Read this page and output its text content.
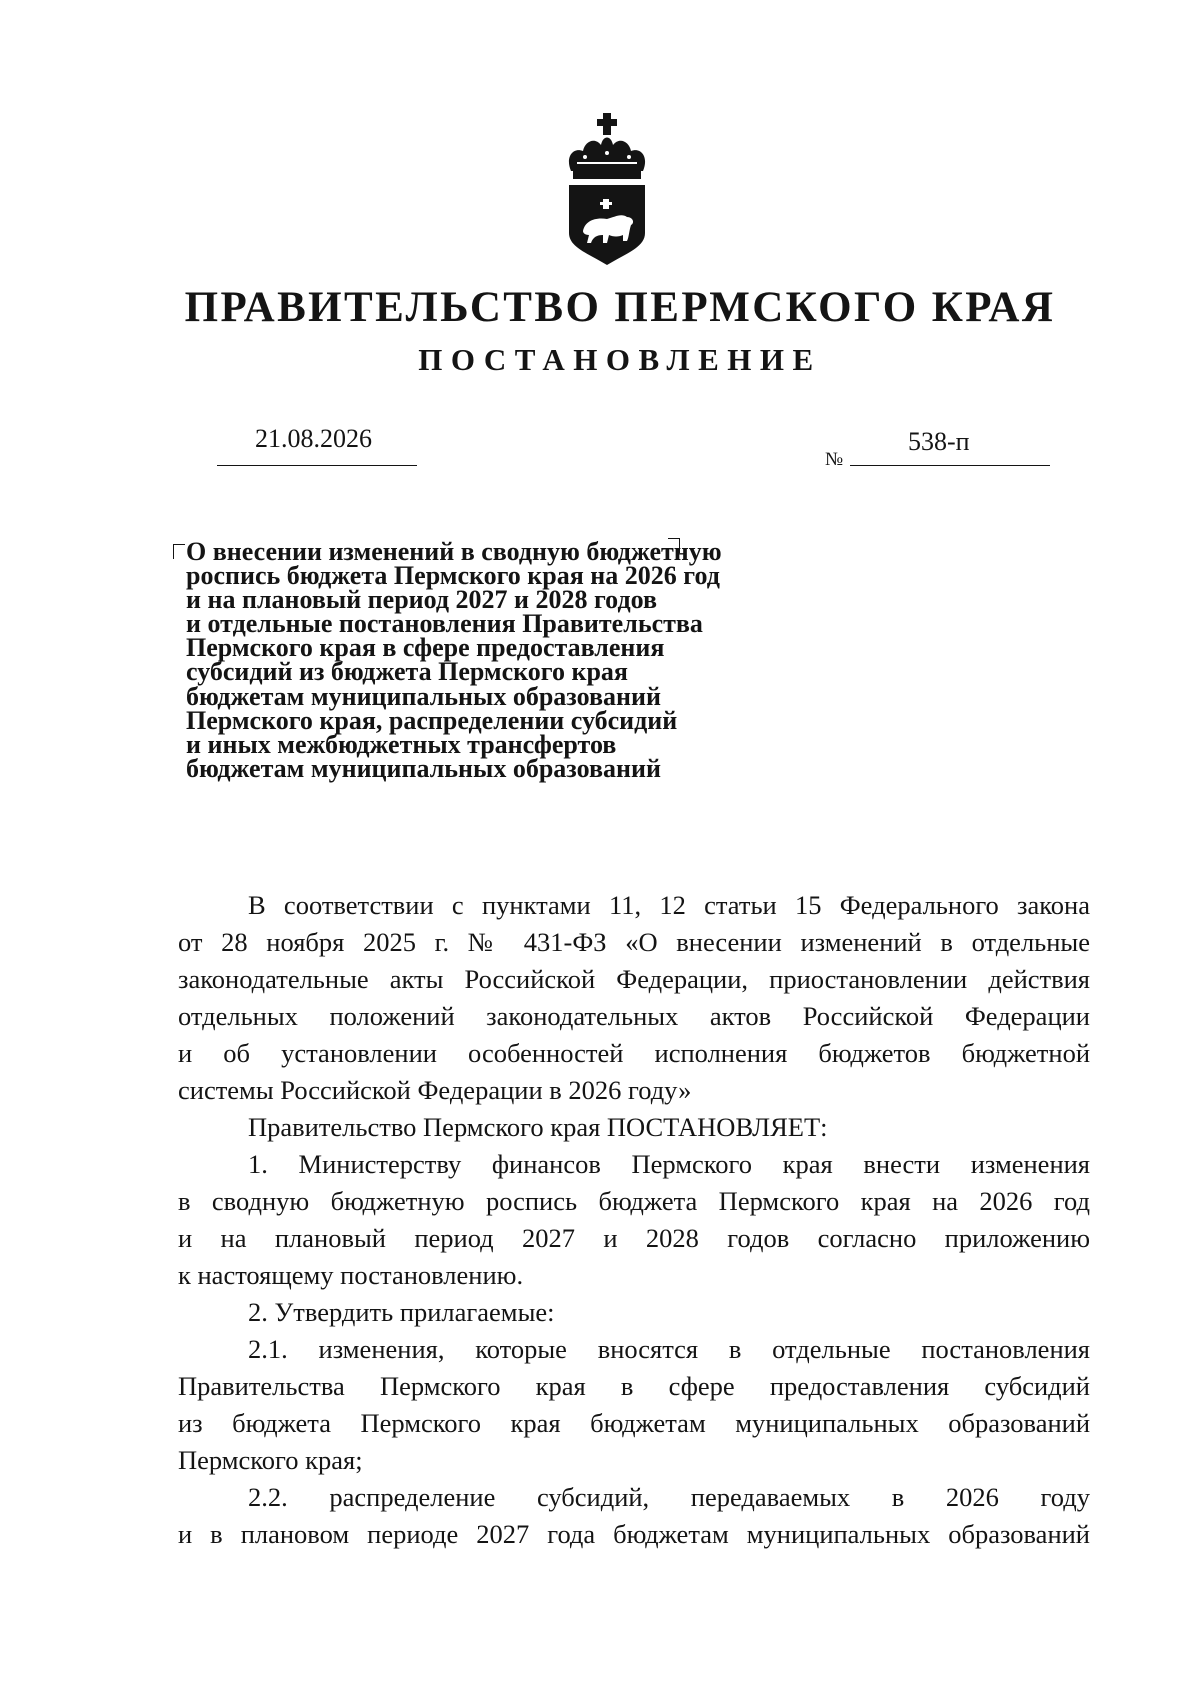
ПРАВИТЕЛЬСТВО ПЕРМСКОГО КРАЯ
ПОСТАНОВЛЕНИЕ
21.08.2026
№
538-п
О внесении изменений в сводную бюджетную
роспись бюджета Пермского края на 2026 год
и на плановый период 2027 и 2028 годов
и отдельные постановления Правительства
Пермского края в сфере предоставления
субсидий из бюджета Пермского края
бюджетам муниципальных образований
Пермского края, распределении субсидий
и иных межбюджетных трансфертов
бюджетам муниципальных образований

В соответствии с пунктами 11, 12 статьи 15 Федерального закона
от 28 ноября 2025 г. № 431-ФЗ «О внесении изменений в отдельные
законодательные акты Российской Федерации, приостановлении действия
отдельных положений законодательных актов Российской Федерации
и об установлении особенностей исполнения бюджетов бюджетной
системы Российской Федерации в 2026 году»

Правительство Пермского края ПОСТАНОВЛЯЕТ:

1. Министерству финансов Пермского края внести изменения
в сводную бюджетную роспись бюджета Пермского края на 2026 год
и на плановый период 2027 и 2028 годов согласно приложению
к настоящему постановлению.

2. Утвердить прилагаемые:

2.1. изменения, которые вносятся в отдельные постановления
Правительства Пермского края в сфере предоставления субсидий
из бюджета Пермского края бюджетам муниципальных образований
Пермского края;

2.2. распределение субсидий, передаваемых в 2026 году
и в плановом периоде 2027 года бюджетам муниципальных образований
